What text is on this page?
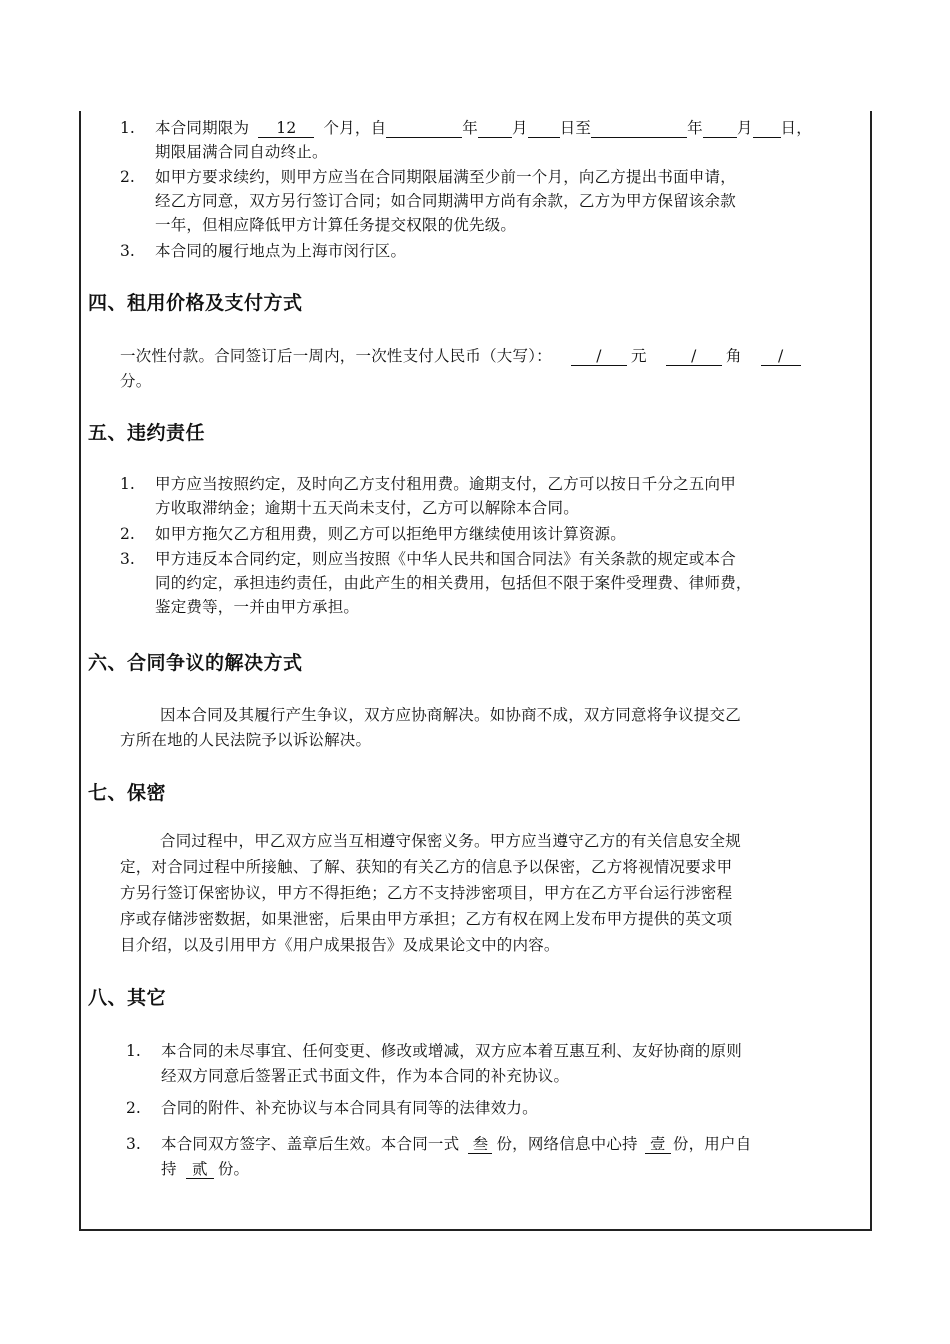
1. 本合同期限为 12 个月，自	年 月 日至	年 月 日，
期限届满合同自动终止。
2. 如甲方要求续约，则甲方应当在合同期限届满至少前一个月，向乙方提出书面申请，
经乙方同意，双方另行签订合同；如合同期满甲方尚有余款，乙方为甲方保留该余款
一年，但相应降低甲方计算任务提交权限的优先级。
3. 本合同的履行地点为上海市闵行区。
四、租用价格及支付方式
一次性付款。合同签订后一周内，一次性支付人民币（大写）：	/ 元	/ 角 /
分。
五、违约责任
1. 甲方应当按照约定，及时向乙方支付租用费。逾期支付，乙方可以按日千分之五向甲
方收取滞纳金；逾期十五天尚未支付，乙方可以解除本合同。
2. 如甲方拖欠乙方租用费，则乙方可以拒绝甲方继续使用该计算资源。
3. 甲方违反本合同约定，则应当按照《中华人民共和国合同法》有关条款的规定或本合
同的约定，承担违约责任，由此产生的相关费用，包括但不限于案件受理费、律师费，
鉴定费等，一并由甲方承担。
六、合同争议的解决方式
因本合同及其履行产生争议，双方应协商解决。如协商不成，双方同意将争议提交乙
方所在地的人民法院予以诉讼解决。
七、保密
合同过程中，甲乙双方应当互相遵守保密义务。甲方应当遵守乙方的有关信息安全规
定，对合同过程中所接触、了解、获知的有关乙方的信息予以保密，乙方将视情况要求甲
方另行签订保密协议，甲方不得拒绝；乙方不支持涉密项目，甲方在乙方平台运行涉密程
序或存储涉密数据，如果泄密，后果由甲方承担；乙方有权在网上发布甲方提供的英文项
目介绍，以及引用甲方《用户成果报告》及成果论文中的内容。
八、其它
1. 本合同的未尽事宜、任何变更、修改或增减，双方应本着互惠互利、友好协商的原则
经双方同意后签署正式书面文件，作为本合同的补充协议。
2. 合同的附件、补充协议与本合同具有同等的法律效力。
3. 本合同双方签字、盖章后生效。本合同一式 叁 份，网络信息中心持 壹 份，用户自
持 贰 份。
